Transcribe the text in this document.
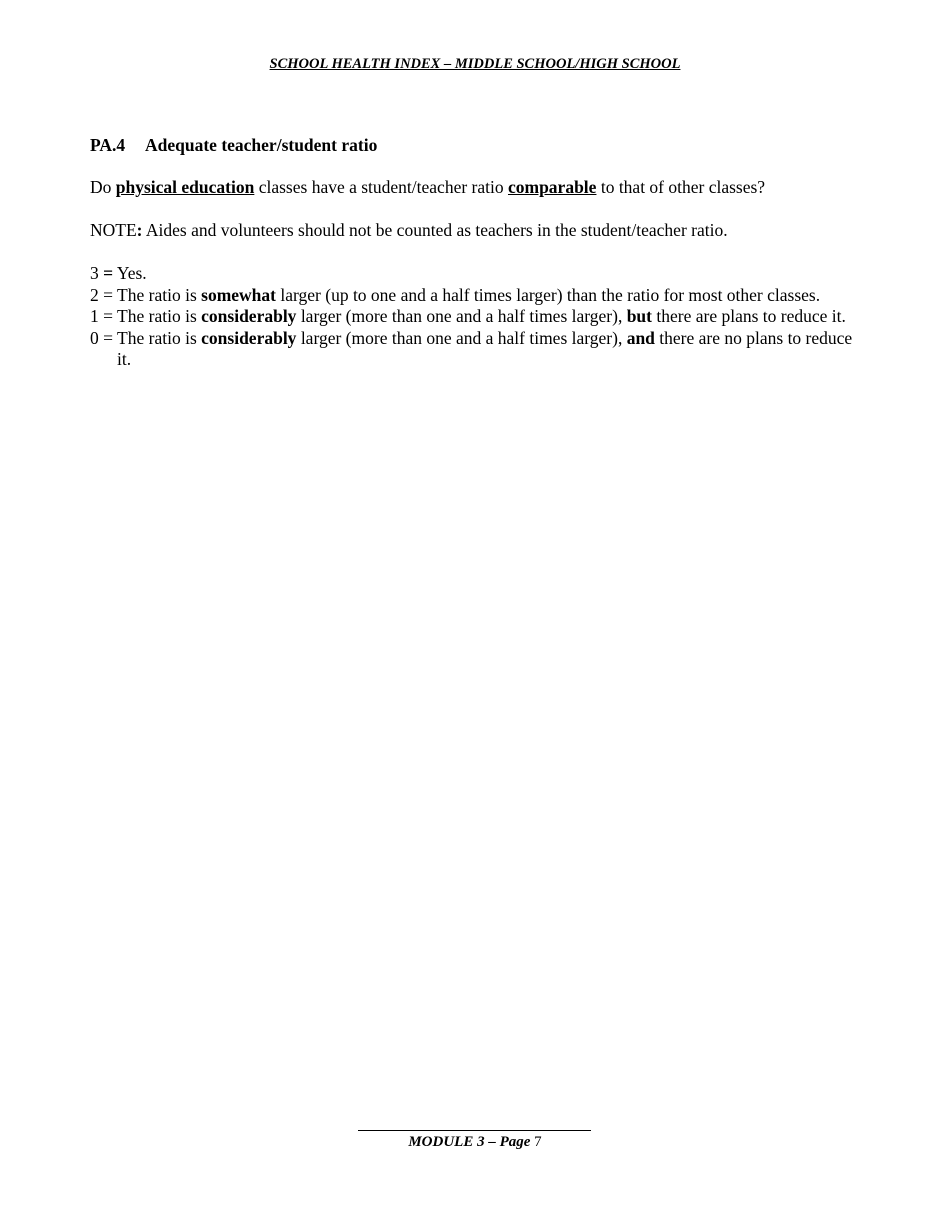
SCHOOL HEALTH INDEX – MIDDLE SCHOOL/HIGH SCHOOL
PA.4 Adequate teacher/student ratio
Do physical education classes have a student/teacher ratio comparable to that of other classes?
NOTE: Aides and volunteers should not be counted as teachers in the student/teacher ratio.
3 = Yes.
2 = The ratio is somewhat larger (up to one and a half times larger) than the ratio for most other classes.
1 = The ratio is considerably larger (more than one and a half times larger), but there are plans to reduce it.
0 = The ratio is considerably larger (more than one and a half times larger), and there are no plans to reduce it.
MODULE 3 – Page 7
